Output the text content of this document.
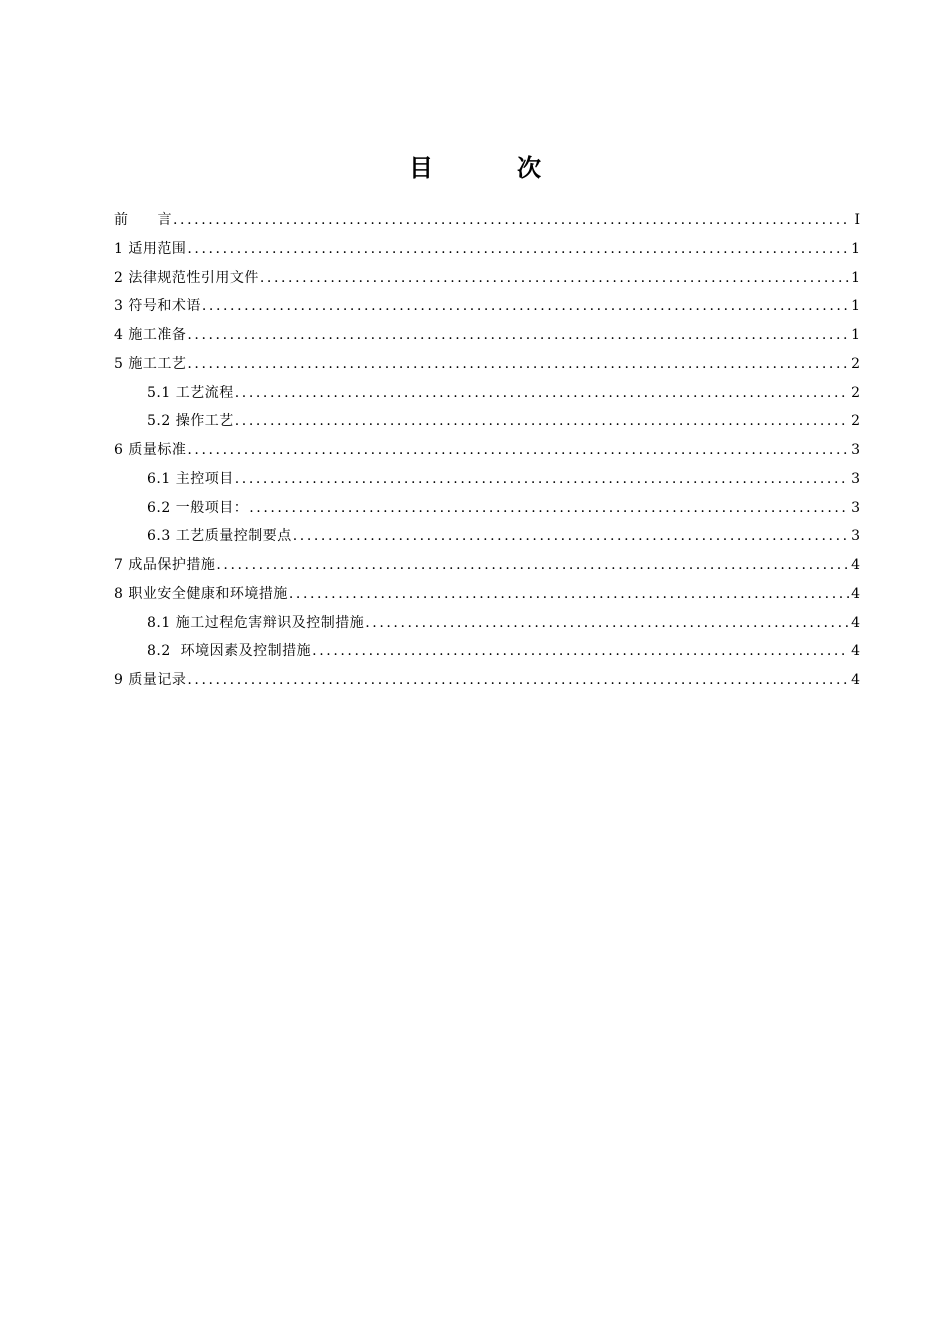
目　次
前　　言 .....	I
1 适用范围 .....	1
2 法律规范性引用文件 .....	1
3 符号和术语 .....	1
4 施工准备 .....	1
5 施工工艺 .....	2
5.1 工艺流程 .....	2
5.2 操作工艺 .....	2
6 质量标准 .....	3
6.1 主控项目 .....	3
6.2 一般项目： .....	3
6.3 工艺质量控制要点 .....	3
7 成品保护措施 .....	4
8 职业安全健康和环境措施 .....	4
8.1 施工过程危害辩识及控制措施 .....	4
8.2  环境因素及控制措施 .....	4
9 质量记录 .....	4
